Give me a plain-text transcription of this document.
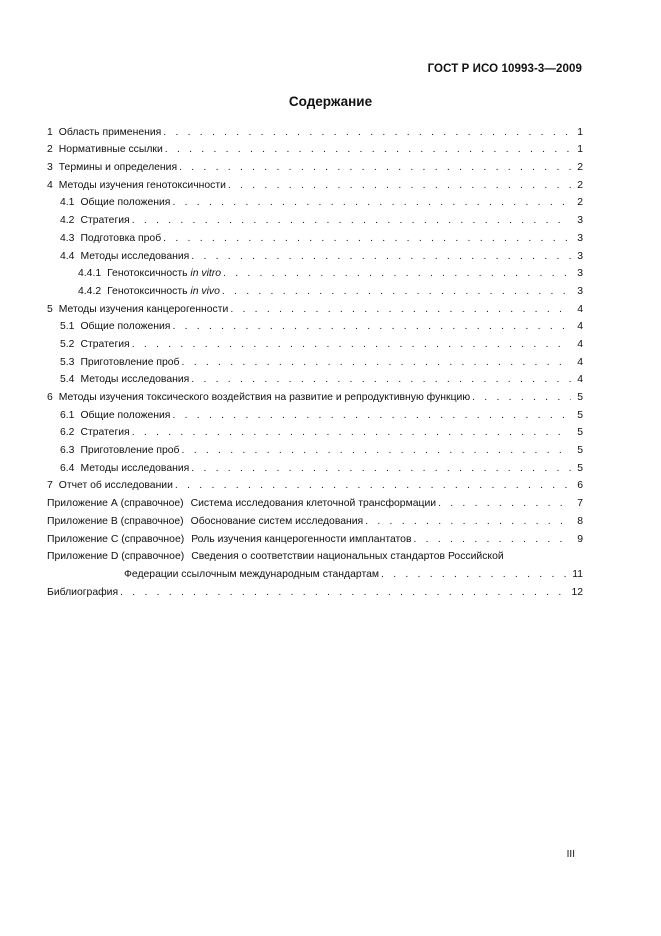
ГОСТ Р ИСО 10993-3—2009
Содержание
1 Область применения . . .	1
2 Нормативные ссылки . . .	1
3 Термины и определения . . .	2
4 Методы изучения генотоксичности . . .	2
4.1 Общие положения . . .	2
4.2 Стратегия . . .	3
4.3 Подготовка проб . . .	3
4.4 Методы исследования . . .	3
4.4.1 Генотоксичность in vitro . . .	3
4.4.2 Генотоксичность in vivo . . .	3
5 Методы изучения канцерогенности . . .	4
5.1 Общие положения . . .	4
5.2 Стратегия . . .	4
5.3 Приготовление проб . . .	4
5.4 Методы исследования . . .	4
6 Методы изучения токсического воздействия на развитие и репродуктивную функцию . . .	5
6.1 Общие положения . . .	5
6.2 Стратегия . . .	5
6.3 Приготовление проб . . .	5
6.4 Методы исследования . . .	5
7 Отчет об исследовании . . .	6
Приложение А (справочное) Система исследования клеточной трансформации . . .	7
Приложение В (справочное) Обоснование систем исследования . . .	8
Приложение С (справочное) Роль изучения канцерогенности имплантатов . . .	9
Приложение D (справочное) Сведения о соответствии национальных стандартов Российской
Федерации ссылочным международным стандартам . . .	11
Библиография . . .	12
III
